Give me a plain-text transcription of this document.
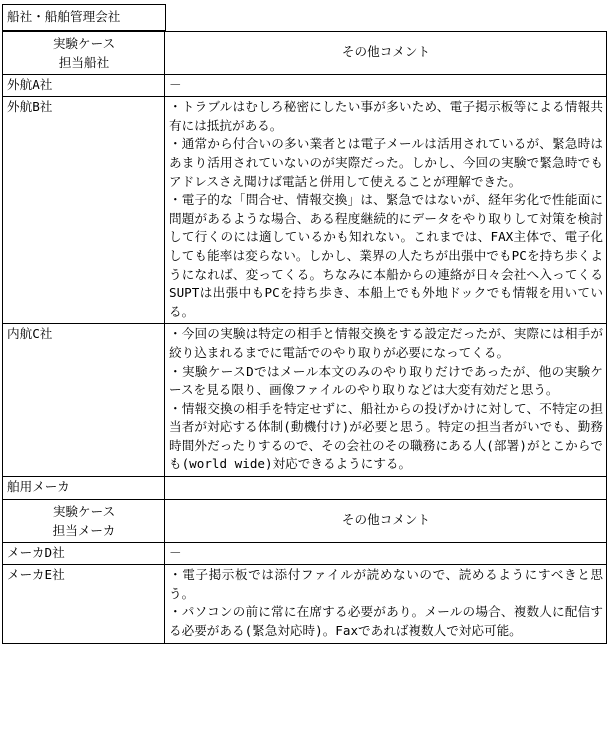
船社・船舶管理会社	
実験ケース
担当船社	その他コメント
外航A社	－

外航B社	・トラブルはむしろ秘密にしたい事が多いため、電子掲示板等による情報共有には抵抗がある。
・通常から付合いの多い業者とは電子メールは活用されているが、緊急時はあまり活用されていないのが実際だった。しかし、今回の実験で緊急時でもアドレスさえ聞けば電話と併用して使えることが理解できた。
・電子的な「問合せ、情報交換」は、緊急ではないが、経年劣化で性能面に問題があるような場合、ある程度継続的にデータをやり取りして対策を検討して行くのには適しているかも知れない。これまでは、FAX主体で、電子化しても能率は変らない。しかし、業界の人たちが出張中でもPCを持ち歩くようになれば、変ってくる。ちなみに本船からの連絡が日々会社へ入ってくるSUPTは出張中もPCを持ち歩き、本船上でも外地ドックでも情報を用いている。

内航C社	・今回の実験は特定の相手と情報交換をする設定だったが、実際には相手が絞り込まれるまでに電話でのやり取りが必要になってくる。
・実験ケースDではメール本文のみのやり取りだけであったが、他の実験ケースを見る限り、画像ファイルのやり取りなどは大変有効だと思う。
・情報交換の相手を特定せずに、船社からの投げかけに対して、不特定の担当者が対応する体制(動機付け)が必要と思う。特定の担当者がいでも、勤務時間外だったりするので、その会社のその職務にある人(部署)がとこからでも(world wide)対応できるようにする。

舶用メーカ	
実験ケース
担当メーカ	その他コメント
メーカD社	－

メーカE社	・電子掲示板では添付ファイルが読めないので、読めるようにすべきと思う。
・パソコンの前に常に在席する必要があり。メールの場合、複数人に配信する必要がある(緊急対応時)。Faxであれば複数人で対応可能。
